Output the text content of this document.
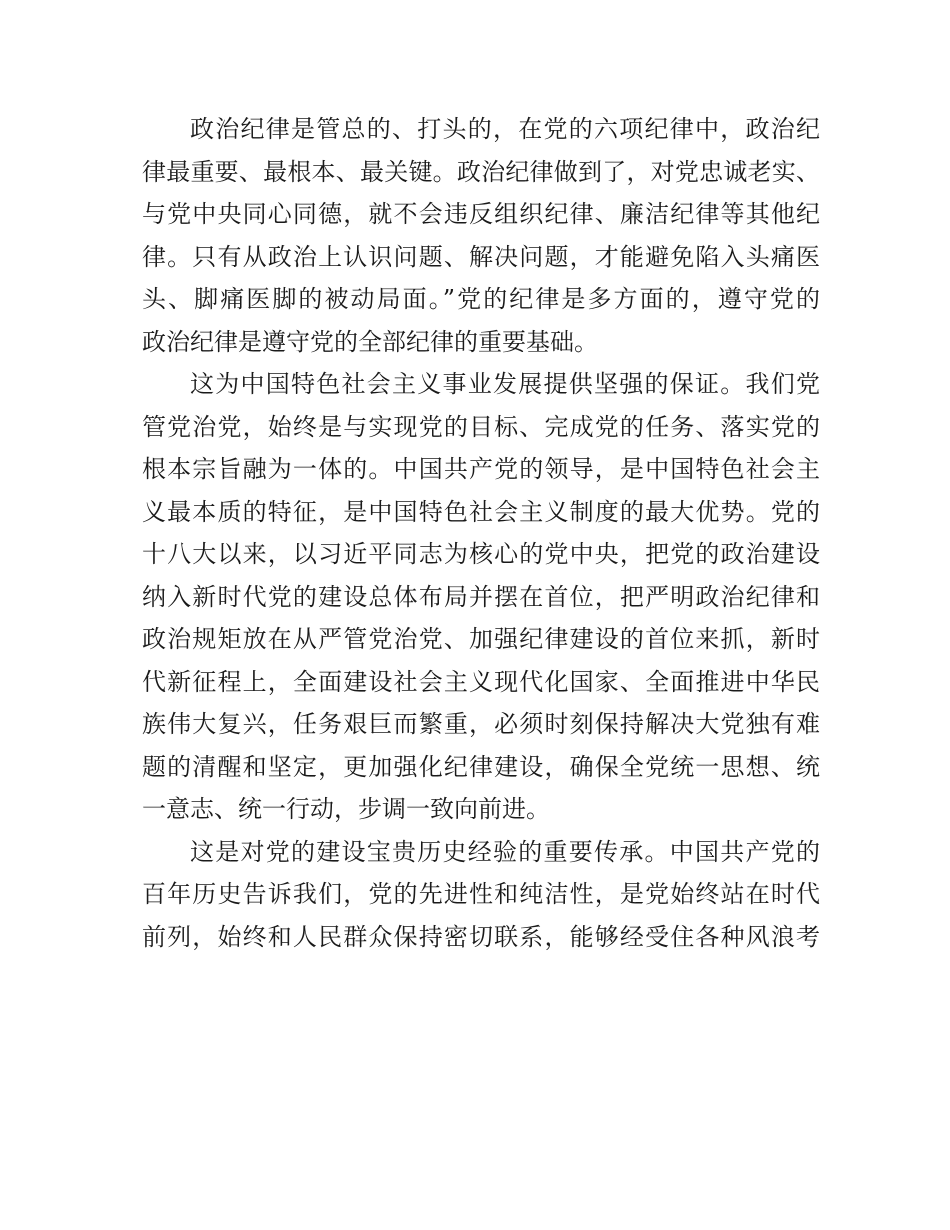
政治纪律是管总的、打头的，在党的六项纪律中，政治纪
律最重要、最根本、最关键。政治纪律做到了，对党忠诚老实、
与党中央同心同德，就不会违反组织纪律、廉洁纪律等其他纪
律。只有从政治上认识问题、解决问题，才能避免陷入头痛医
头、脚痛医脚的被动局面。”党的纪律是多方面的，遵守党的
政治纪律是遵守党的全部纪律的重要基础。
这为中国特色社会主义事业发展提供坚强的保证。我们党
管党治党，始终是与实现党的目标、完成党的任务、落实党的
根本宗旨融为一体的。中国共产党的领导，是中国特色社会主
义最本质的特征，是中国特色社会主义制度的最大优势。党的
十八大以来，以习近平同志为核心的党中央，把党的政治建设
纳入新时代党的建设总体布局并摆在首位，把严明政治纪律和
政治规矩放在从严管党治党、加强纪律建设的首位来抓，新时
代新征程上，全面建设社会主义现代化国家、全面推进中华民
族伟大复兴，任务艰巨而繁重，必须时刻保持解决大党独有难
题的清醒和坚定，更加强化纪律建设，确保全党统一思想、统
一意志、统一行动，步调一致向前进。
这是对党的建设宝贵历史经验的重要传承。中国共产党的
百年历史告诉我们，党的先进性和纯洁性，是党始终站在时代
前列，始终和人民群众保持密切联系，能够经受住各种风浪考
